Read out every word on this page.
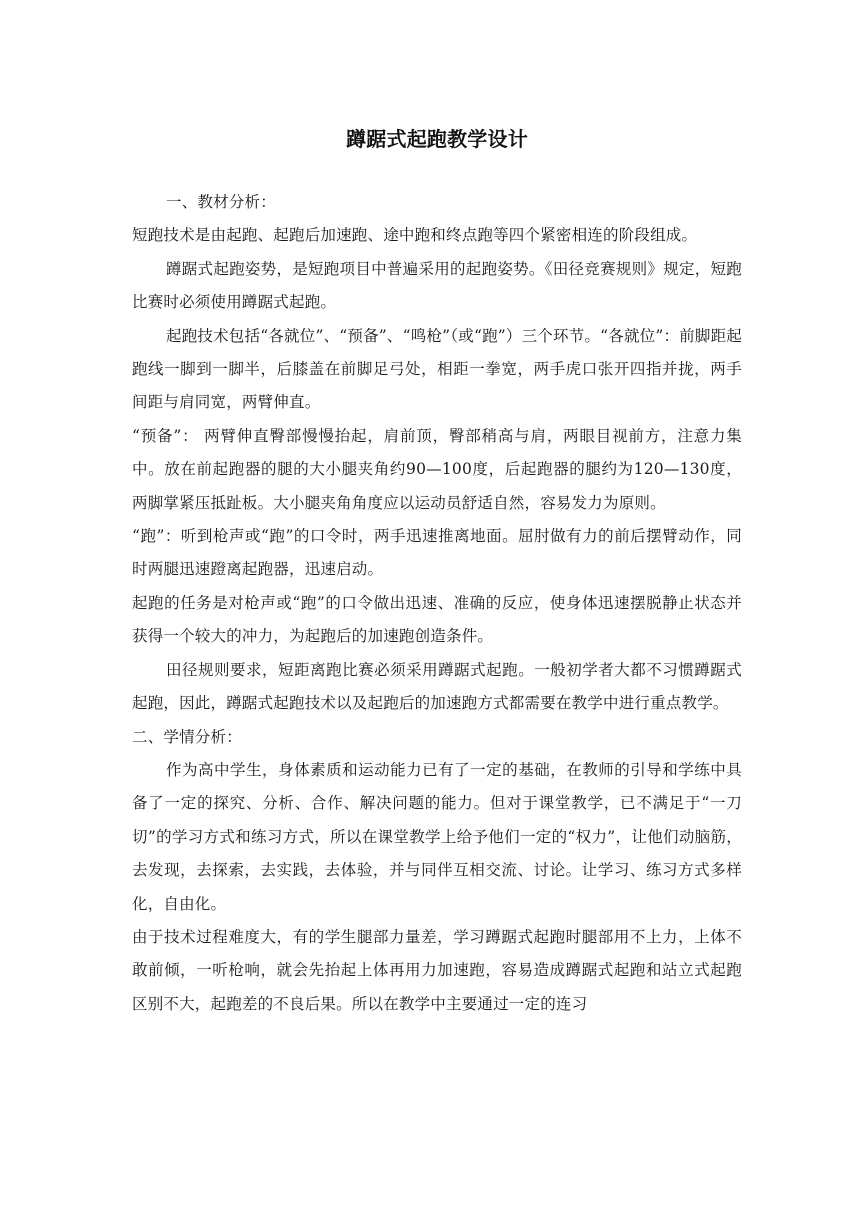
蹲踞式起跑教学设计

一、教材分析：

短跑技术是由起跑、起跑后加速跑、途中跑和终点跑等四个紧密相连的阶段组成。

蹲踞式起跑姿势，是短跑项目中普遍采用的起跑姿势。《田径竞赛规则》规定，短跑比赛时必须使用蹲踞式起跑。

起跑技术包括“各就位”、“预备”、“鸣枪”（或“跑”）三个环节。“各就位”：前脚距起跑线一脚到一脚半，后膝盖在前脚足弓处，相距一拳宽，两手虎口张开四指并拢，两手间距与肩同宽，两臂伸直。

“预备”： 两臂伸直臀部慢慢抬起，肩前顶，臀部稍高与肩，两眼目视前方，注意力集中。放在前起跑器的腿的大小腿夹角约90—100度，后起跑器的腿约为120—130度，两脚掌紧压抵趾板。大小腿夹角角度应以运动员舒适自然，容易发力为原则。

“跑”：听到枪声或“跑”的口令时，两手迅速推离地面。屈肘做有力的前后摆臂动作，同时两腿迅速蹬离起跑器，迅速启动。

起跑的任务是对枪声或“跑”的口令做出迅速、准确的反应，使身体迅速摆脱静止状态并获得一个较大的冲力，为起跑后的加速跑创造条件。

田径规则要求，短距离跑比赛必须采用蹲踞式起跑。一般初学者大都不习惯蹲踞式起跑，因此，蹲踞式起跑技术以及起跑后的加速跑方式都需要在教学中进行重点教学。

二、学情分析：

作为高中学生，身体素质和运动能力已有了一定的基础，在教师的引导和学练中具备了一定的探究、分析、合作、解决问题的能力。但对于课堂教学，已不满足于“一刀切”的学习方式和练习方式，所以在课堂教学上给予他们一定的“权力”，让他们动脑筋，去发现，去探索，去实践，去体验，并与同伴互相交流、讨论。让学习、练习方式多样化，自由化。

由于技术过程难度大，有的学生腿部力量差，学习蹲踞式起跑时腿部用不上力，上体不敢前倾，一听枪响，就会先抬起上体再用力加速跑，容易造成蹲踞式起跑和站立式起跑区别不大，起跑差的不良后果。所以在教学中主要通过一定的连习
